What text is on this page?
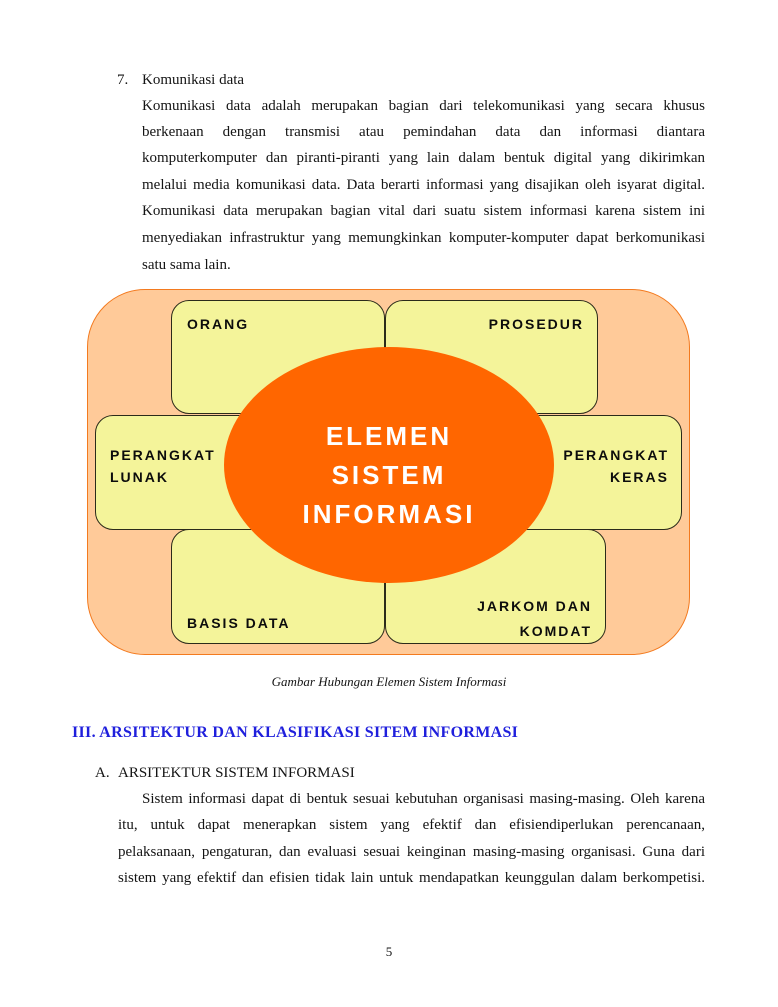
7. Komunikasi data
Komunikasi data adalah merupakan bagian dari telekomunikasi yang secara khusus
berkenaan dengan transmisi atau pemindahan data dan informasi diantara
komputerkomputer dan piranti-piranti yang lain dalam bentuk digital yang dikirimkan
melalui media komunikasi data. Data berarti informasi yang disajikan oleh isyarat digital.
Komunikasi data merupakan bagian vital dari suatu sistem informasi karena sistem ini
menyediakan infrastruktur yang memungkinkan komputer-komputer dapat berkomunikasi
satu sama lain.
ORANG	PROSEDUR
PERANGKAT
LUNAK
PERANGKAT
KERAS
BASIS DATA
JARKOM DAN
KOMDAT
ELEMEN
SISTEM
INFORMASI
Gambar Hubungan Elemen Sistem Informasi
III. ARSITEKTUR DAN KLASIFIKASI SITEM INFORMASI
A. ARSITEKTUR SISTEM INFORMASI
Sistem informasi dapat di bentuk sesuai kebutuhan organisasi masing-masing. Oleh karena
itu, untuk dapat menerapkan sistem yang efektif dan efisiendiperlukan perencanaan,
pelaksanaan, pengaturan, dan evaluasi sesuai keinginan masing-masing organisasi. Guna dari
sistem yang efektif dan efisien tidak lain untuk mendapatkan keunggulan dalam berkompetisi.
5
